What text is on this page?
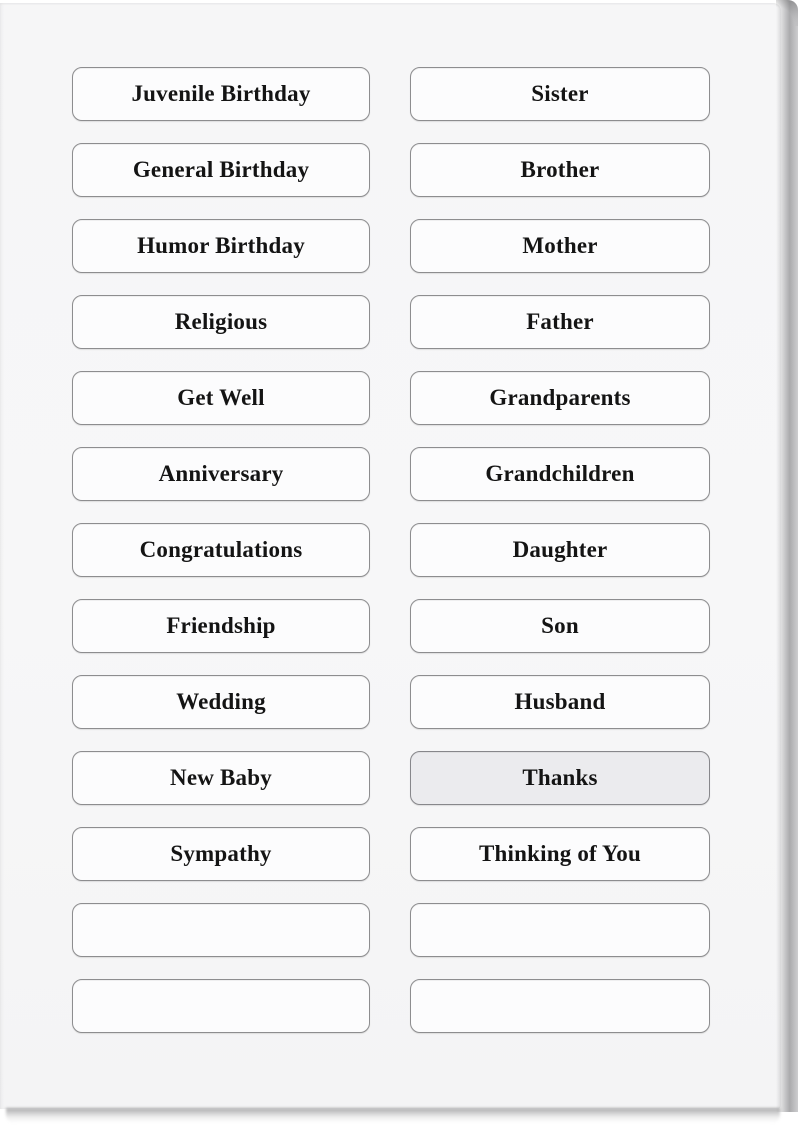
Juvenile Birthday	Sister
General Birthday	Brother
Humor Birthday	Mother
Religious	Father
Get Well	Grandparents
Anniversary	Grandchildren
Congratulations	Daughter
Friendship	Son
Wedding	Husband
New Baby	Thanks
Sympathy	Thinking of You
